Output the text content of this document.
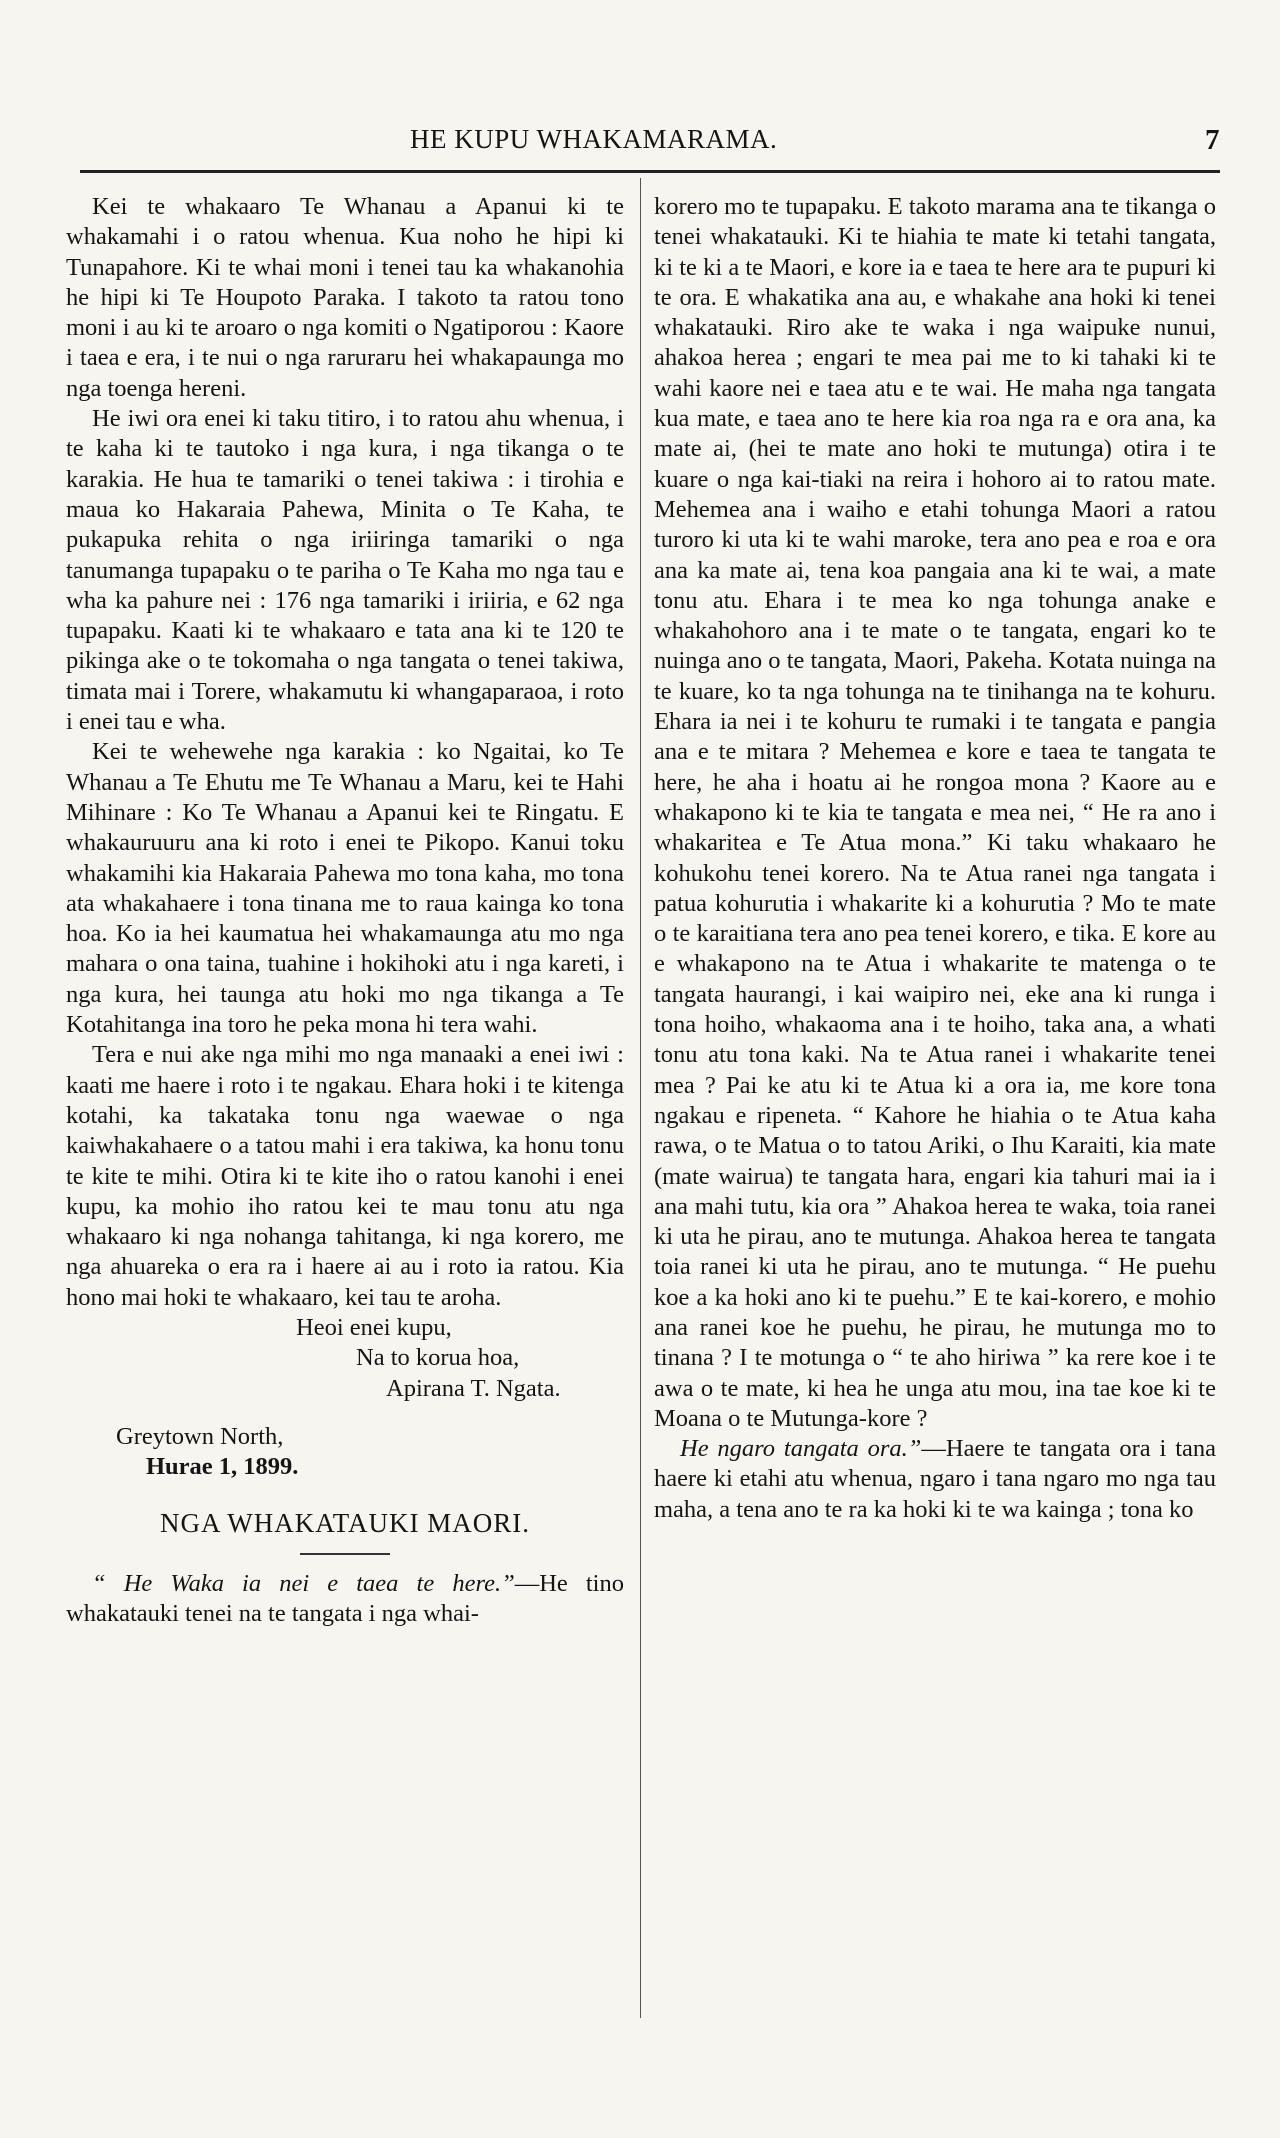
HE KUPU WHAKAMARAMA.	7

Kei te whakaaro Te Whanau a Apanui ki te whakamahi i o ratou whenua. Kua noho he hipi ki Tunapahore. Ki te whai moni i tenei tau ka whakanohia he hipi ki Te Houpoto Paraka. I takoto ta ratou tono moni i au ki te aroaro o nga komiti o Ngatiporou : Kaore i taea e era, i te nui o nga raruraru hei whakapaunga mo nga toenga hereni.

He iwi ora enei ki taku titiro, i to ratou ahu whenua, i te kaha ki te tautoko i nga kura, i nga tikanga o te karakia. He hua te tamariki o tenei takiwa : i tirohia e maua ko Hakaraia Pahewa, Minita o Te Kaha, te pukapuka rehita o nga iriiringa tamariki o nga tanumanga tupapaku o te pariha o Te Kaha mo nga tau e wha ka pahure nei : 176 nga tamariki i iriiria, e 62 nga tupapaku. Kaati ki te whakaaro e tata ana ki te 120 te pikinga ake o te tokomaha o nga tangata o tenei takiwa, timata mai i Torere, whakamutu ki whangaparaoa, i roto i enei tau e wha.

Kei te wehewehe nga karakia : ko Ngaitai, ko Te Whanau a Te Ehutu me Te Whanau a Maru, kei te Hahi Mihinare : Ko Te Whanau a Apanui kei te Ringatu. E whakauruuru ana ki roto i enei te Pikopo. Kanui toku whakamihi kia Hakaraia Pahewa mo tona kaha, mo tona ata whakahaere i tona tinana me to raua kainga ko tona hoa. Ko ia hei kaumatua hei whakamaunga atu mo nga mahara o ona taina, tuahine i hokihoki atu i nga kareti, i nga kura, hei taunga atu hoki mo nga tikanga a Te Kotahitanga ina toro he peka mona hi tera wahi.

Tera e nui ake nga mihi mo nga manaaki a enei iwi : kaati me haere i roto i te ngakau. Ehara hoki i te kitenga kotahi, ka takataka tonu nga waewae o nga kaiwhakahaere o a tatou mahi i era takiwa, ka honu tonu te kite te mihi. Otira ki te kite iho o ratou kanohi i enei kupu, ka mohio iho ratou kei te mau tonu atu nga whakaaro ki nga nohanga tahitanga, ki nga korero, me nga ahuareka o era ra i haere ai au i roto ia ratou. Kia hono mai hoki te whakaaro, kei tau te aroha.

Heoi enei kupu,

Na to korua hoa,

Apirana T. Ngata.

Greytown North,

Hurae 1, 1899.

NGA WHAKATAUKI MAORI.

“ He Waka ia nei e taea te here.”—He tino whakatauki tenei na te tangata i nga whai-

korero mo te tupapaku. E takoto marama ana te tikanga o tenei whakatauki. Ki te hiahia te mate ki tetahi tangata, ki te ki a te Maori, e kore ia e taea te here ara te pupuri ki te ora. E whakatika ana au, e whakahe ana hoki ki tenei whakatauki. Riro ake te waka i nga waipuke nunui, ahakoa herea ; engari te mea pai me to ki tahaki ki te wahi kaore nei e taea atu e te wai. He maha nga tangata kua mate, e taea ano te here kia roa nga ra e ora ana, ka mate ai, (hei te mate ano hoki te mutunga) otira i te kuare o nga kai-tiaki na reira i hohoro ai to ratou mate. Mehemea ana i waiho e etahi tohunga Maori a ratou turoro ki uta ki te wahi maroke, tera ano pea e roa e ora ana ka mate ai, tena koa pangaia ana ki te wai, a mate tonu atu. Ehara i te mea ko nga tohunga anake e whakahohoro ana i te mate o te tangata, engari ko te nuinga ano o te tangata, Maori, Pakeha. Kotata nuinga na te kuare, ko ta nga tohunga na te tinihanga na te kohuru. Ehara ia nei i te kohuru te rumaki i te tangata e pangia ana e te mitara ? Mehemea e kore e taea te tangata te here, he aha i hoatu ai he rongoa mona ? Kaore au e whakapono ki te kia te tangata e mea nei, “ He ra ano i whakaritea e Te Atua mona.” Ki taku whakaaro he kohukohu tenei korero. Na te Atua ranei nga tangata i patua kohurutia i whakarite ki a kohurutia ? Mo te mate o te karaitiana tera ano pea tenei korero, e tika. E kore au e whakapono na te Atua i whakarite te matenga o te tangata haurangi, i kai waipiro nei, eke ana ki runga i tona hoiho, whakaoma ana i te hoiho, taka ana, a whati tonu atu tona kaki. Na te Atua ranei i whakarite tenei mea ? Pai ke atu ki te Atua ki a ora ia, me kore tona ngakau e ripeneta. “ Kahore he hiahia o te Atua kaha rawa, o te Matua o to tatou Ariki, o Ihu Karaiti, kia mate (mate wairua) te tangata hara, engari kia tahuri mai ia i ana mahi tutu, kia ora ” Ahakoa herea te waka, toia ranei ki uta he pirau, ano te mutunga. Ahakoa herea te tangata toia ranei ki uta he pirau, ano te mutunga. “ He puehu koe a ka hoki ano ki te puehu.” E te kai-korero, e mohio ana ranei koe he puehu, he pirau, he mutunga mo to tinana ? I te motunga o “ te aho hiriwa ” ka rere koe i te awa o te mate, ki hea he unga atu mou, ina tae koe ki te Moana o te Mutunga-kore ?

He ngaro tangata ora.”—Haere te tangata ora i tana haere ki etahi atu whenua, ngaro i tana ngaro mo nga tau maha, a tena ano te ra ka hoki ki te wa kainga ; tona ko
